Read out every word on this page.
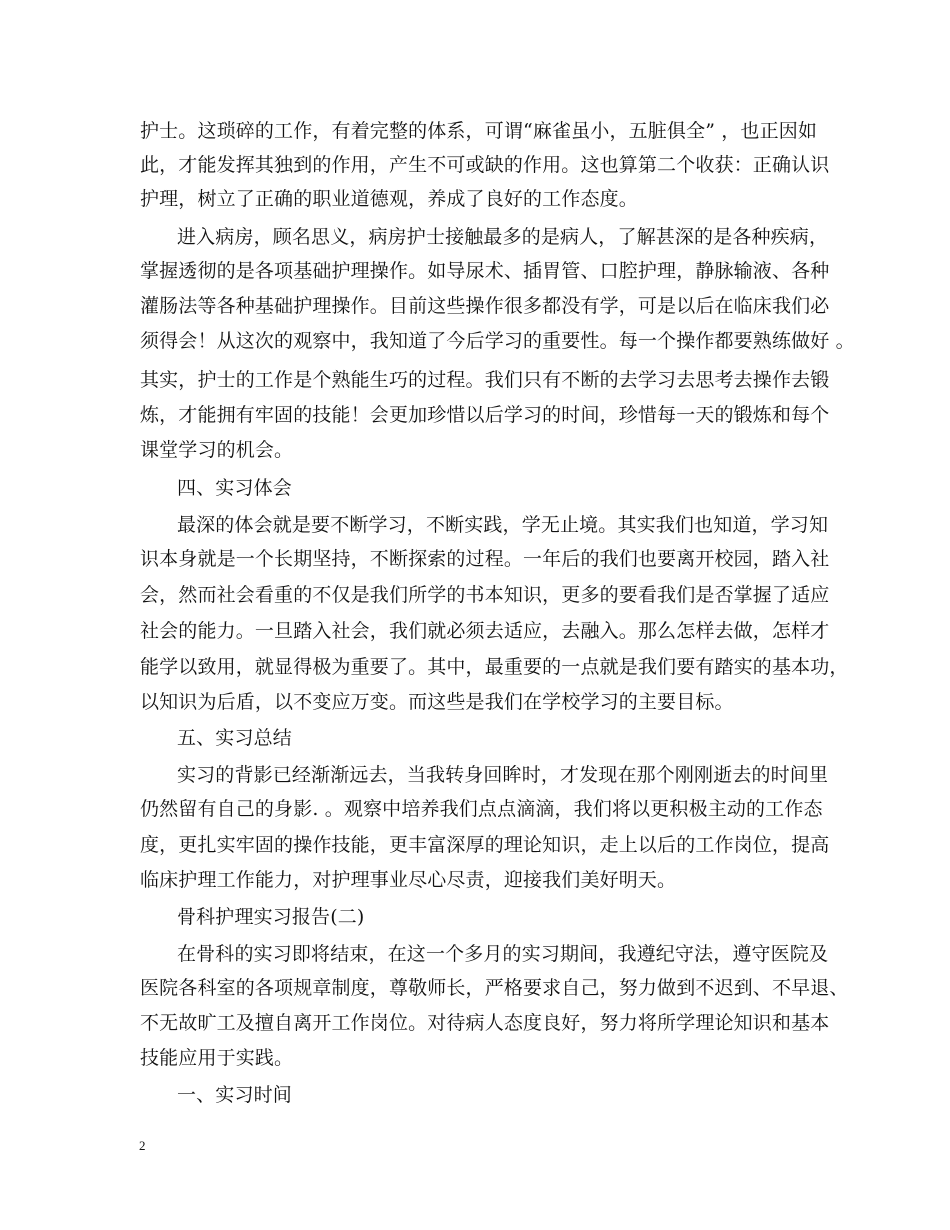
护士。这琐碎的工作，有着完整的体系，可谓“麻雀虽小，五脏俱全” ，也正因如
此，才能发挥其独到的作用，产生不可或缺的作用。这也算第二个收获：正确认识
护理，树立了正确的职业道德观，养成了良好的工作态度。
进入病房，顾名思义，病房护士接触最多的是病人，了解甚深的是各种疾病，
掌握透彻的是各项基础护理操作。如导尿术、插胃管、口腔护理，静脉输液、各种
灌肠法等各种基础护理操作。目前这些操作很多都没有学，可是以后在临床我们必
须得会！从这次的观察中，我知道了今后学习的重要性。每一个操作都要熟练做好 。
其实，护士的工作是个熟能生巧的过程。我们只有不断的去学习去思考去操作去锻
炼，才能拥有牢固的技能！会更加珍惜以后学习的时间，珍惜每一天的锻炼和每个
课堂学习的机会。
四、实习体会
最深的体会就是要不断学习，不断实践，学无止境。其实我们也知道，学习知
识本身就是一个长期坚持，不断探索的过程。一年后的我们也要离开校园，踏入社
会，然而社会看重的不仅是我们所学的书本知识，更多的要看我们是否掌握了适应
社会的能力。一旦踏入社会，我们就必须去适应，去融入。那么怎样去做，怎样才
能学以致用，就显得极为重要了。其中，最重要的一点就是我们要有踏实的基本功，
以知识为后盾，以不变应万变。而这些是我们在学校学习的主要目标。
五、实习总结
实习的背影已经渐渐远去，当我转身回眸时，才发现在那个刚刚逝去的时间里
仍然留有自己的身影. 。观察中培养我们点点滴滴，我们将以更积极主动的工作态
度，更扎实牢固的操作技能，更丰富深厚的理论知识，走上以后的工作岗位，提高
临床护理工作能力，对护理事业尽心尽责，迎接我们美好明天。
骨科护理实习报告(二)
在骨科的实习即将结束，在这一个多月的实习期间，我遵纪守法，遵守医院及
医院各科室的各项规章制度，尊敬师长，严格要求自己，努力做到不迟到、不早退、
不无故旷工及擅自离开工作岗位。对待病人态度良好，努力将所学理论知识和基本
技能应用于实践。
一、实习时间
2
